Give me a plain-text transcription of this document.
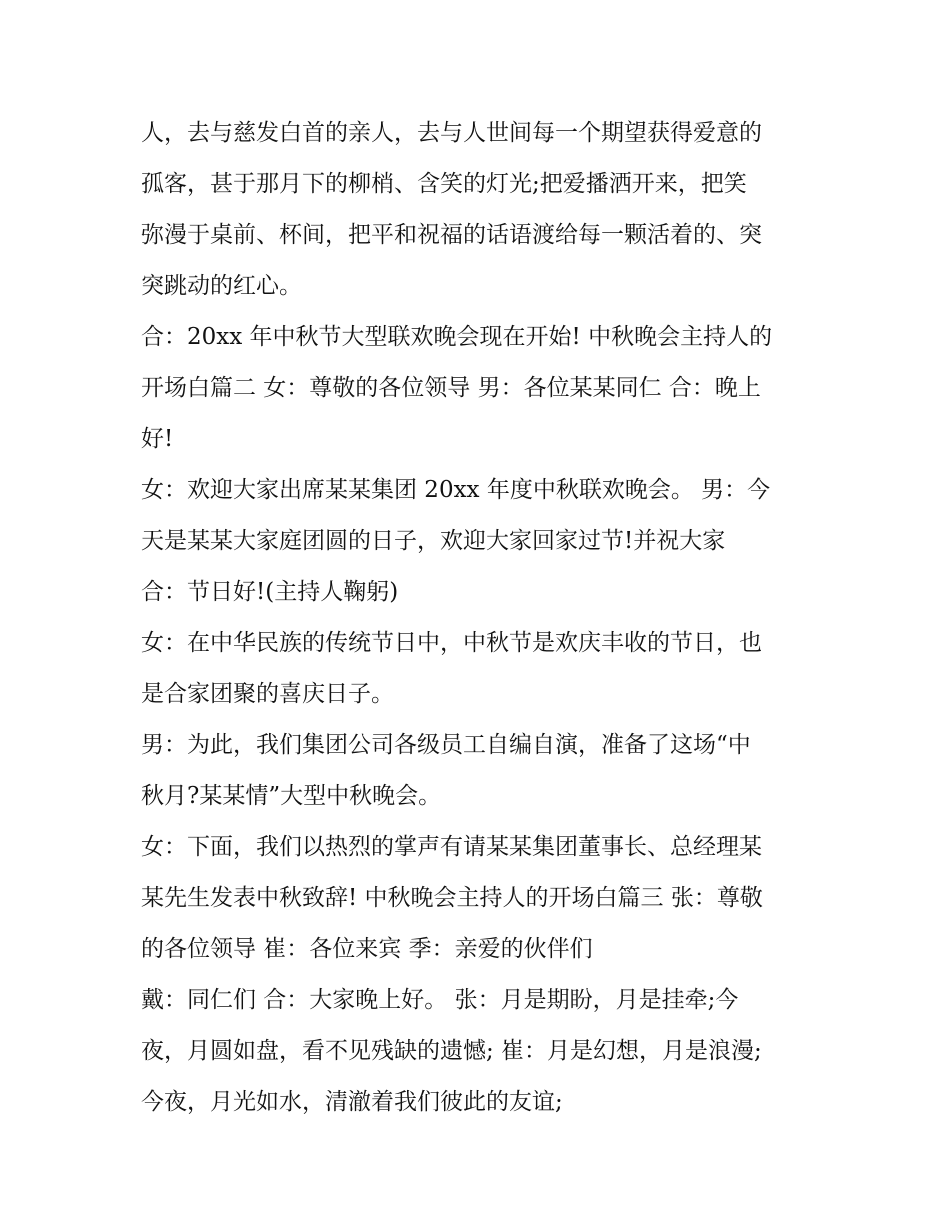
人，去与慈发白首的亲人，去与人世间每一个期望获得爱意的
孤客，甚于那月下的柳梢、含笑的灯光;把爱播洒开来，把笑
弥漫于桌前、杯间，把平和祝福的话语渡给每一颗活着的、突
突跳动的红心。
合：20xx 年中秋节大型联欢晚会现在开始! 中秋晚会主持人的
开场白篇二 女：尊敬的各位领导 男：各位某某同仁 合：晚上
好!
女：欢迎大家出席某某集团 20xx 年度中秋联欢晚会。 男：今
天是某某大家庭团圆的日子，欢迎大家回家过节!并祝大家
合：节日好!(主持人鞠躬)
女：在中华民族的传统节日中，中秋节是欢庆丰收的节日，也
是合家团聚的喜庆日子。
男：为此，我们集团公司各级员工自编自演，准备了这场“中
秋月?某某情”大型中秋晚会。
女：下面，我们以热烈的掌声有请某某集团董事长、总经理某
某先生发表中秋致辞! 中秋晚会主持人的开场白篇三 张：尊敬
的各位领导 崔：各位来宾 季：亲爱的伙伴们
戴：同仁们 合：大家晚上好。 张：月是期盼，月是挂牵;今
夜，月圆如盘，看不见残缺的遗憾; 崔：月是幻想，月是浪漫;
今夜，月光如水，清澈着我们彼此的友谊;
